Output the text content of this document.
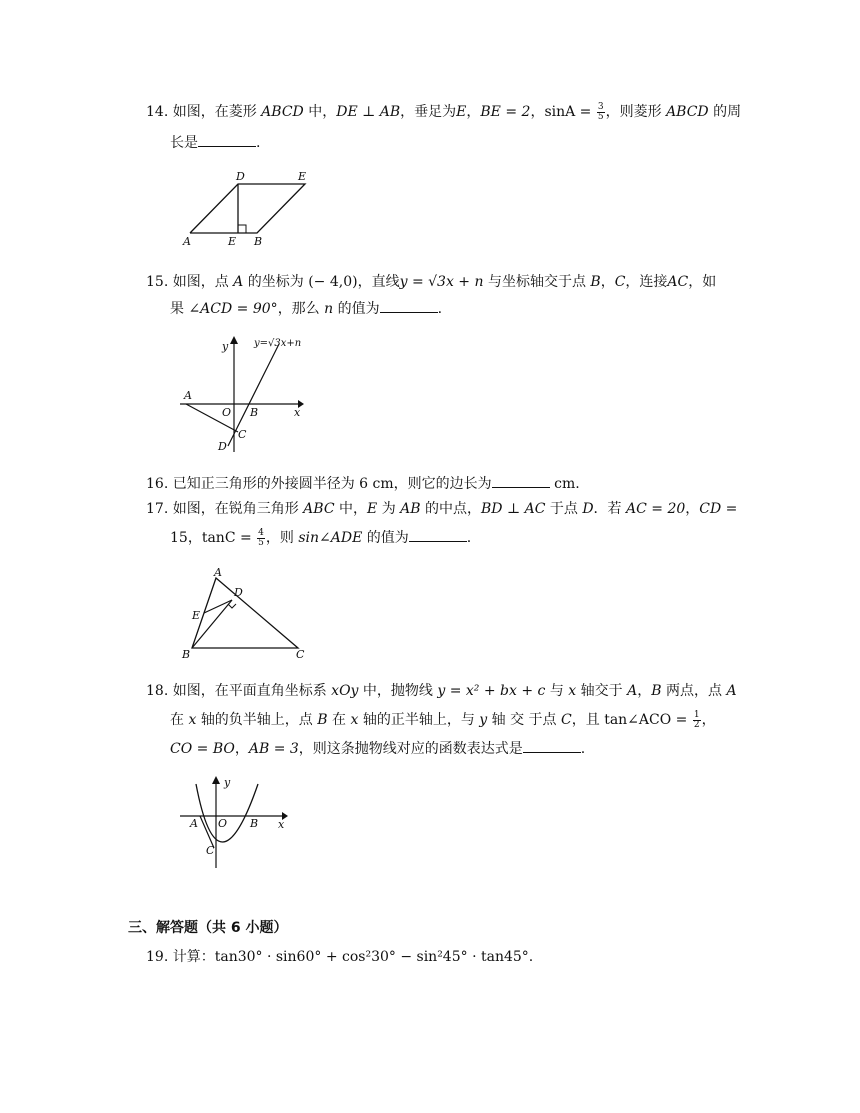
14. 如图，在菱形 ABCD 中，DE ⊥ AB，垂足为E，BE = 2，$\sin A = \frac{3}{5}$ ，则菱形 ABCD 的周
长是	.
A	E B
D	E
15. 如图，点 A 的坐标为 (− 4,0)，直线y = √3x + n 与坐标轴交于点 B，C，连接AC，如
果 ∠ACD = 90°，那么 n 的值为	.
y=√3x+n
y
x
A
O B
C
D
16. 已知正三角形的外接圆半径为 6 cm，则它的边长为	cm.
17. 如图，在锐角三角形 ABC 中，E 为 AB 的中点，BD ⊥ AC 于点 D．若 AC = 20，CD =
15，$\tan C = \frac{4}{5}$ ，则 sin∠ADE 的值为	.
A
D
E
B	C
18. 如图，在平面直角坐标系 xOy 中，抛物线 y = x² + bx + c 与 x 轴交于 A，B 两点，点 A
在 x 轴的负半轴上，点 B 在 x 轴的正半轴上，与 y 轴 交 于点 C，且 tan∠ACO = $\frac{1}{2}$ ，
CO = BO，AB = 3，则这条抛物线对应的函数表达式是	.
y
A O B x
C
三、解答题（共 6 小题）
19. 计算：tan30° · sin60° + cos²30° − sin²45° · tan45°.
